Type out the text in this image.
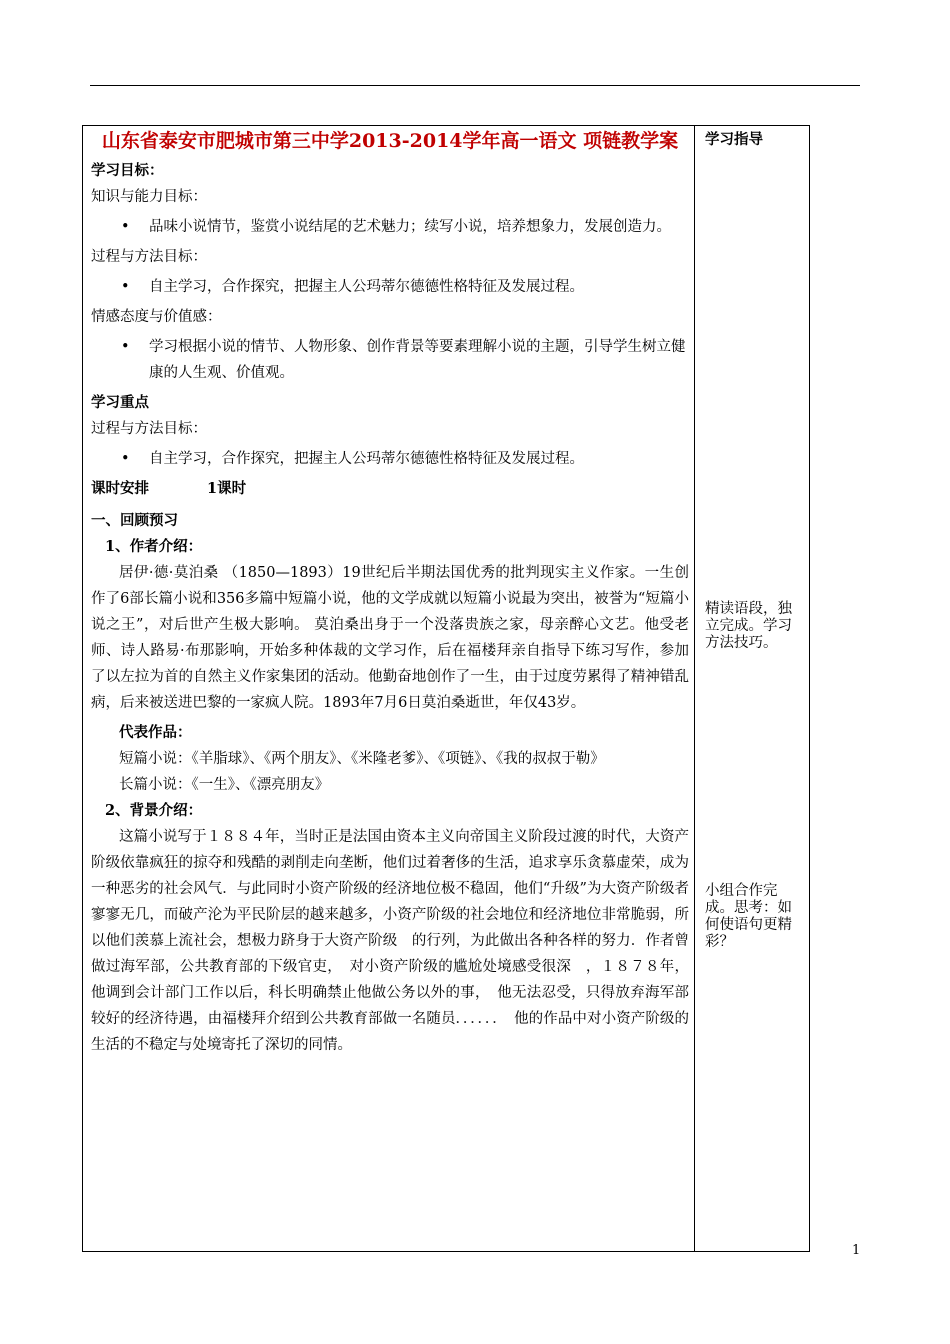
山东省泰安市肥城市第三中学2013-2014学年高一语文 项链教学案
学习目标：
知识与能力目标：
• 品味小说情节，鉴赏小说结尾的艺术魅力；续写小说，培养想象力，发展创造力。
过程与方法目标：
• 自主学习，合作探究，把握主人公玛蒂尔德德性格特征及发展过程。
情感态度与价值感：
• 学习根据小说的情节、人物形象、创作背景等要素理解小说的主题，引导学生树立健康的人生观、价值观。
学习重点
过程与方法目标：
• 自主学习，合作探究，把握主人公玛蒂尔德德性格特征及发展过程。
课时安排	1课时
一、回顾预习
1、作者介绍：
居伊·德·莫泊桑 （1850—1893）19世纪后半期法国优秀的批判现实主义作家。一生创作了6部长篇小说和356多篇中短篇小说，他的文学成就以短篇小说最为突出，被誉为“短篇小说之王”，对后世产生极大影响。 莫泊桑出身于一个没落贵族之家，母亲醉心文艺。他受老师、诗人路易·布那影响，开始多种体裁的文学习作，后在福楼拜亲自指导下练习写作，参加了以左拉为首的自然主义作家集团的活动。他勤奋地创作了一生，由于过度劳累得了精神错乱病，后来被送进巴黎的一家疯人院。1893年7月6日莫泊桑逝世，年仅43岁。
代表作品：
短篇小说：《羊脂球》、《两个朋友》、《米隆老爹》、《项链》、《我的叔叔于勒》
长篇小说：《一生》、《漂亮朋友》
2、背景介绍：
这篇小说写于１８８４年，当时正是法国由资本主义向帝国主义阶段过渡的时代，大资产阶级依靠疯狂的掠夺和残酷的剥削走向垄断，他们过着奢侈的生活，追求享乐贪慕虚荣，成为一种恶劣的社会风气．与此同时小资产阶级的经济地位极不稳固，他们“升级”为大资产阶级者寥寥无几，而破产沦为平民阶层的越来越多，小资产阶级的社会地位和经济地位非常脆弱，所以他们羡慕上流社会，想极力跻身于大资产阶级　的行列，为此做出各种各样的努力．作者曾做过海军部，公共教育部的下级官吏，　对小资产阶级的尴尬处境感受很深　，１８７８年，他调到会计部门工作以后，科长明确禁止他做公务以外的事，　他无法忍受，只得放弃海军部较好的经济待遇，由福楼拜介绍到公共教育部做一名随员．．．．．．　他的作品中对小资产阶级的生活的不稳定与处境寄托了深切的同情。
学习指导
精读语段，独立完成。学习方法技巧。
小组合作完成。思考：如何使语句更精彩？
1
